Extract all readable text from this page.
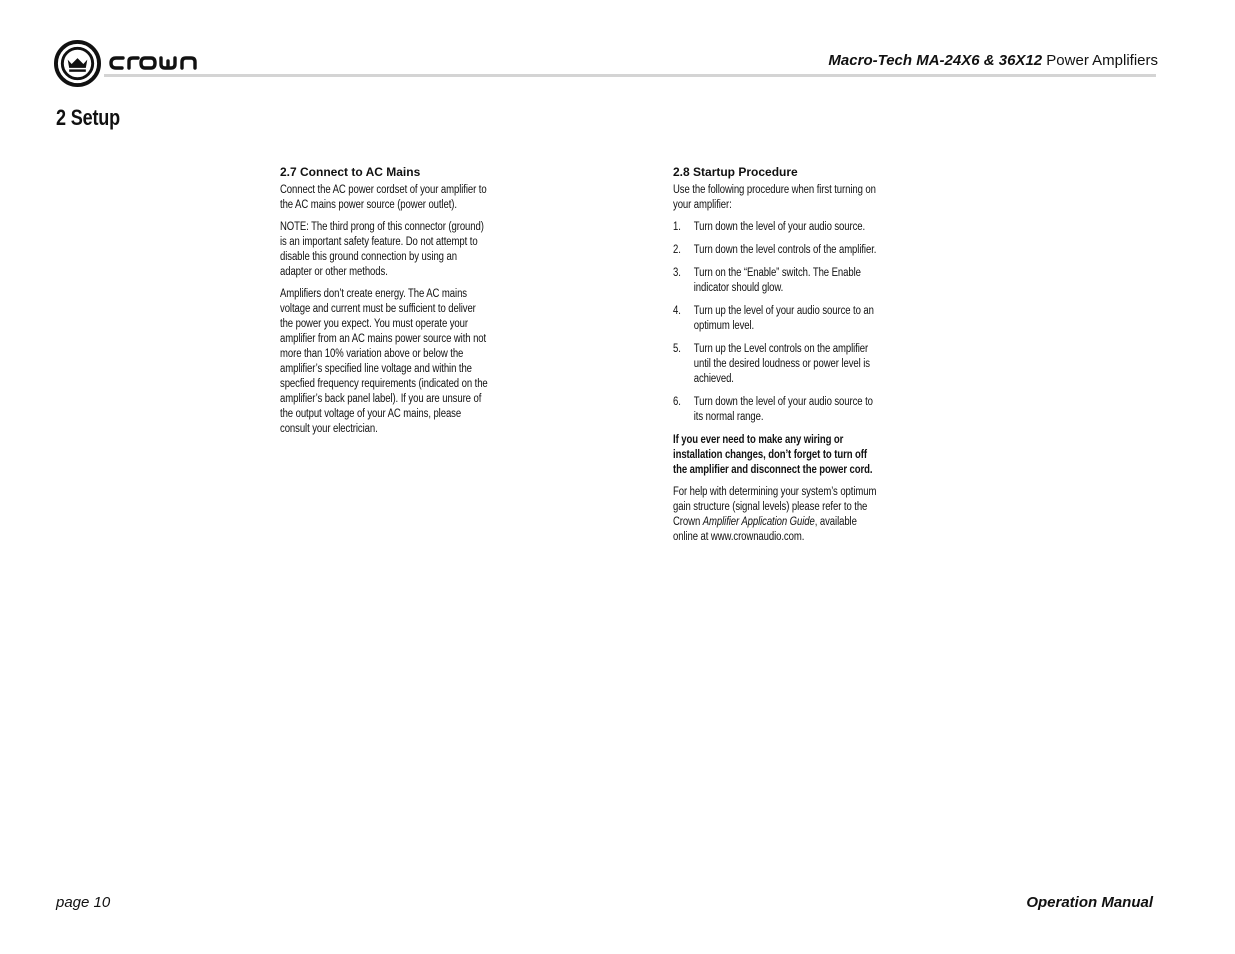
Macro-Tech MA-24X6 & 36X12 Power Amplifiers
2 Setup
2.7 Connect to AC Mains

Connect the AC power cordset of your amplifier to the AC mains power source (power outlet).

NOTE: The third prong of this connector (ground) is an important safety feature. Do not attempt to disable this ground connection by using an adapter or other methods.

Amplifiers don’t create energy. The AC mains voltage and current must be sufficient to deliver the power you expect. You must operate your amplifier from an AC mains power source with not more than 10% variation above or below the amplifier’s specified line voltage and within the specfied frequency requirements (indicated on the amplifier’s back panel label). If you are unsure of the output voltage of your AC mains, please consult your electrician.

2.8 Startup Procedure

Use the following procedure when first turning on your amplifier:

1.	Turn down the level of your audio source.
2.	Turn down the level controls of the amplifier.
3.	Turn on the “Enable” switch. The Enable indicator should glow.
4.	Turn up the level of your audio source to an optimum level.
5.	Turn up the Level controls on the amplifier until the desired loudness or power level is achieved.
6.	Turn down the level of your audio source to its normal range.

If you ever need to make any wiring or installation changes, don’t forget to turn off the amplifier and disconnect the power cord.

For help with determining your system’s optimum gain structure (signal levels) please refer to the Crown Amplifier Application Guide, available online at www.crownaudio.com.

page 10	Operation Manual
